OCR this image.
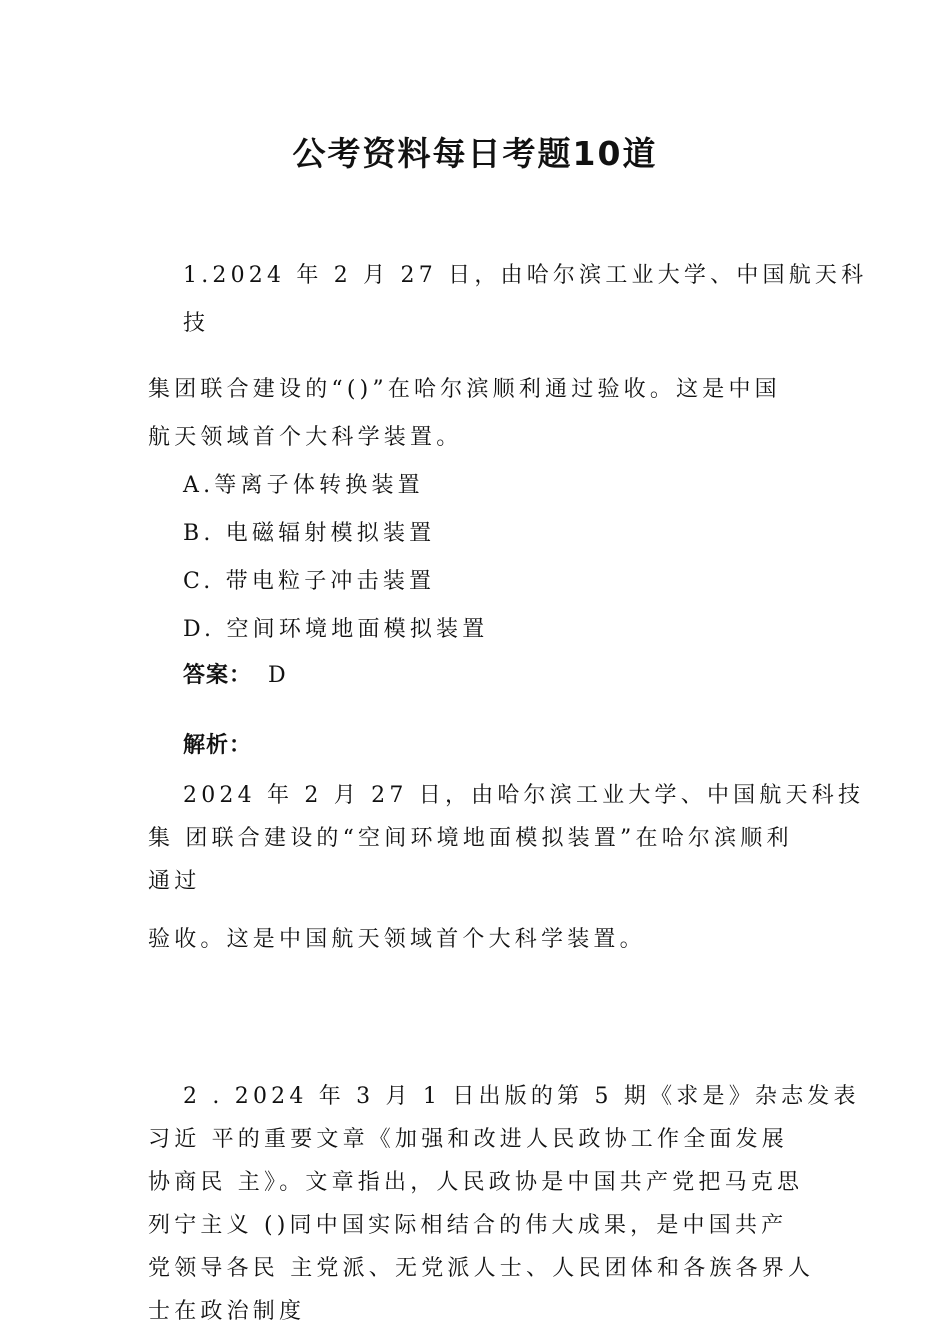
公考资料每日考题10道

1.2024 年 2 月 27 日，由哈尔滨工业大学、中国航天科

技

集团联合建设的“()”在哈尔滨顺利通过验收。这是中国

航天领域首个大科学装置。

A.等离子体转换装置

B. 电磁辐射模拟装置

C. 带电粒子冲击装置

D. 空间环境地面模拟装置

答案： D

解析：

2024 年 2 月 27 日，由哈尔滨工业大学、中国航天科技

集 团联合建设的“空间环境地面模拟装置”在哈尔滨顺利

通过

验收。这是中国航天领域首个大科学装置。

2 . 2024 年 3 月 1 日出版的第 5 期《求是》杂志发表

习近 平的重要文章《加强和改进人民政协工作全面发展

协商民 主》。文章指出，人民政协是中国共产党把马克思

列宁主义 ()同中国实际相结合的伟大成果，是中国共产

党领导各民 主党派、无党派人士、人民团体和各族各界人

士在政治制度
